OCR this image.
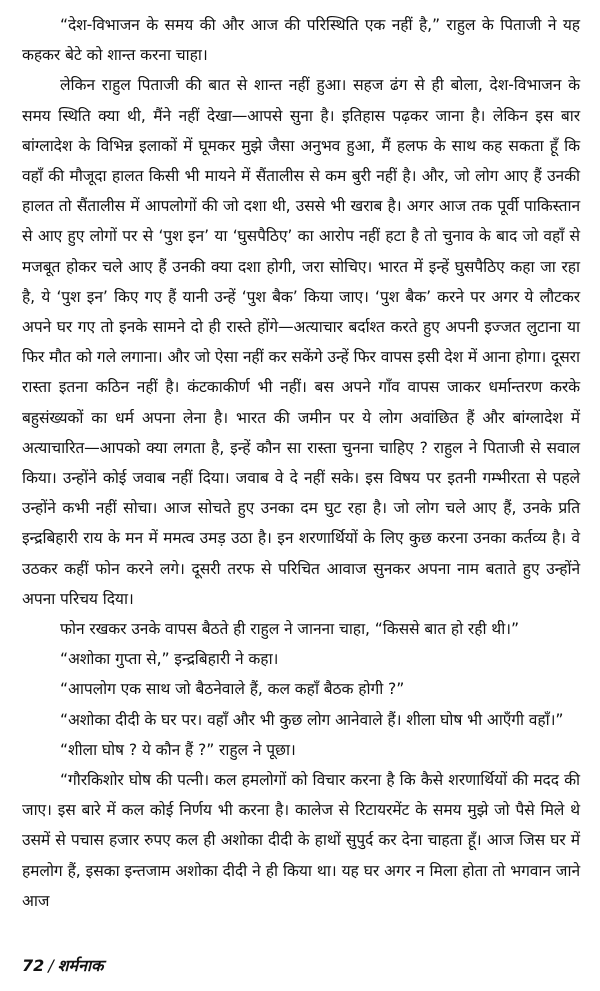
“देश-विभाजन के समय की और आज की परिस्थिति एक नहीं है,” राहुल के पिताजी ने यह कहकर बेटे को शान्त करना चाहा।

लेकिन राहुल पिताजी की बात से शान्त नहीं हुआ। सहज ढंग से ही बोला, देश-विभाजन के समय स्थिति क्या थी, मैंने नहीं देखा—आपसे सुना है। इतिहास पढ़कर जाना है। लेकिन इस बार बांग्लादेश के विभिन्न इलाकों में घूमकर मुझे जैसा अनुभव हुआ, मैं हलफ के साथ कह सकता हूँ कि वहाँ की मौजूदा हालत किसी भी मायने में सैंतालीस से कम बुरी नहीं है। और, जो लोग आए हैं उनकी हालत तो सैंतालीस में आपलोगों की जो दशा थी, उससे भी खराब है। अगर आज तक पूर्वी पाकिस्तान से आए हुए लोगों पर से ‘पुश इन’ या ‘घुसपैठिए’ का आरोप नहीं हटा है तो चुनाव के बाद जो वहाँ से मजबूत होकर चले आए हैं उनकी क्या दशा होगी, जरा सोचिए। भारत में इन्हें घुसपैठिए कहा जा रहा है, ये ‘पुश इन’ किए गए हैं यानी उन्हें ‘पुश बैक’ किया जाए। ‘पुश बैक’ करने पर अगर ये लौटकर अपने घर गए तो इनके सामने दो ही रास्ते होंगे—अत्याचार बर्दाश्त करते हुए अपनी इज्जत लुटाना या फिर मौत को गले लगाना। और जो ऐसा नहीं कर सकेंगे उन्हें फिर वापस इसी देश में आना होगा। दूसरा रास्ता इतना कठिन नहीं है। कंटकाकीर्ण भी नहीं। बस अपने गाँव वापस जाकर धर्मान्तरण करके बहुसंख्यकों का धर्म अपना लेना है। भारत की जमीन पर ये लोग अवांछित हैं और बांग्लादेश में अत्याचारित—आपको क्या लगता है, इन्हें कौन सा रास्ता चुनना चाहिए ? राहुल ने पिताजी से सवाल किया। उन्होंने कोई जवाब नहीं दिया। जवाब वे दे नहीं सके। इस विषय पर इतनी गम्भीरता से पहले उन्होंने कभी नहीं सोचा। आज सोचते हुए उनका दम घुट रहा है। जो लोग चले आए हैं, उनके प्रति इन्द्रबिहारी राय के मन में ममत्व उमड़ उठा है। इन शरणार्थियों के लिए कुछ करना उनका कर्तव्य है। वे उठकर कहीं फोन करने लगे। दूसरी तरफ से परिचित आवाज सुनकर अपना नाम बताते हुए उन्होंने अपना परिचय दिया।

फोन रखकर उनके वापस बैठते ही राहुल ने जानना चाहा, “किससे बात हो रही थी।”

“अशोका गुप्ता से,” इन्द्रबिहारी ने कहा।

“आपलोग एक साथ जो बैठनेवाले हैं, कल कहाँ बैठक होगी ?”

“अशोका दीदी के घर पर। वहाँ और भी कुछ लोग आनेवाले हैं। शीला घोष भी आएँगी वहाँ।”

“शीला घोष ? ये कौन हैं ?” राहुल ने पूछा।

“गौरकिशोर घोष की पत्नी। कल हमलोगों को विचार करना है कि कैसे शरणार्थियों की मदद की जाए। इस बारे में कल कोई निर्णय भी करना है। कालेज से रिटायरमेंट के समय मुझे जो पैसे मिले थे उसमें से पचास हजार रुपए कल ही अशोका दीदी के हाथों सुपुर्द कर देना चाहता हूँ। आज जिस घर में हमलोग हैं, इसका इन्तजाम अशोका दीदी ने ही किया था। यह घर अगर न मिला होता तो भगवान जाने आज

72 / शर्मनाक
